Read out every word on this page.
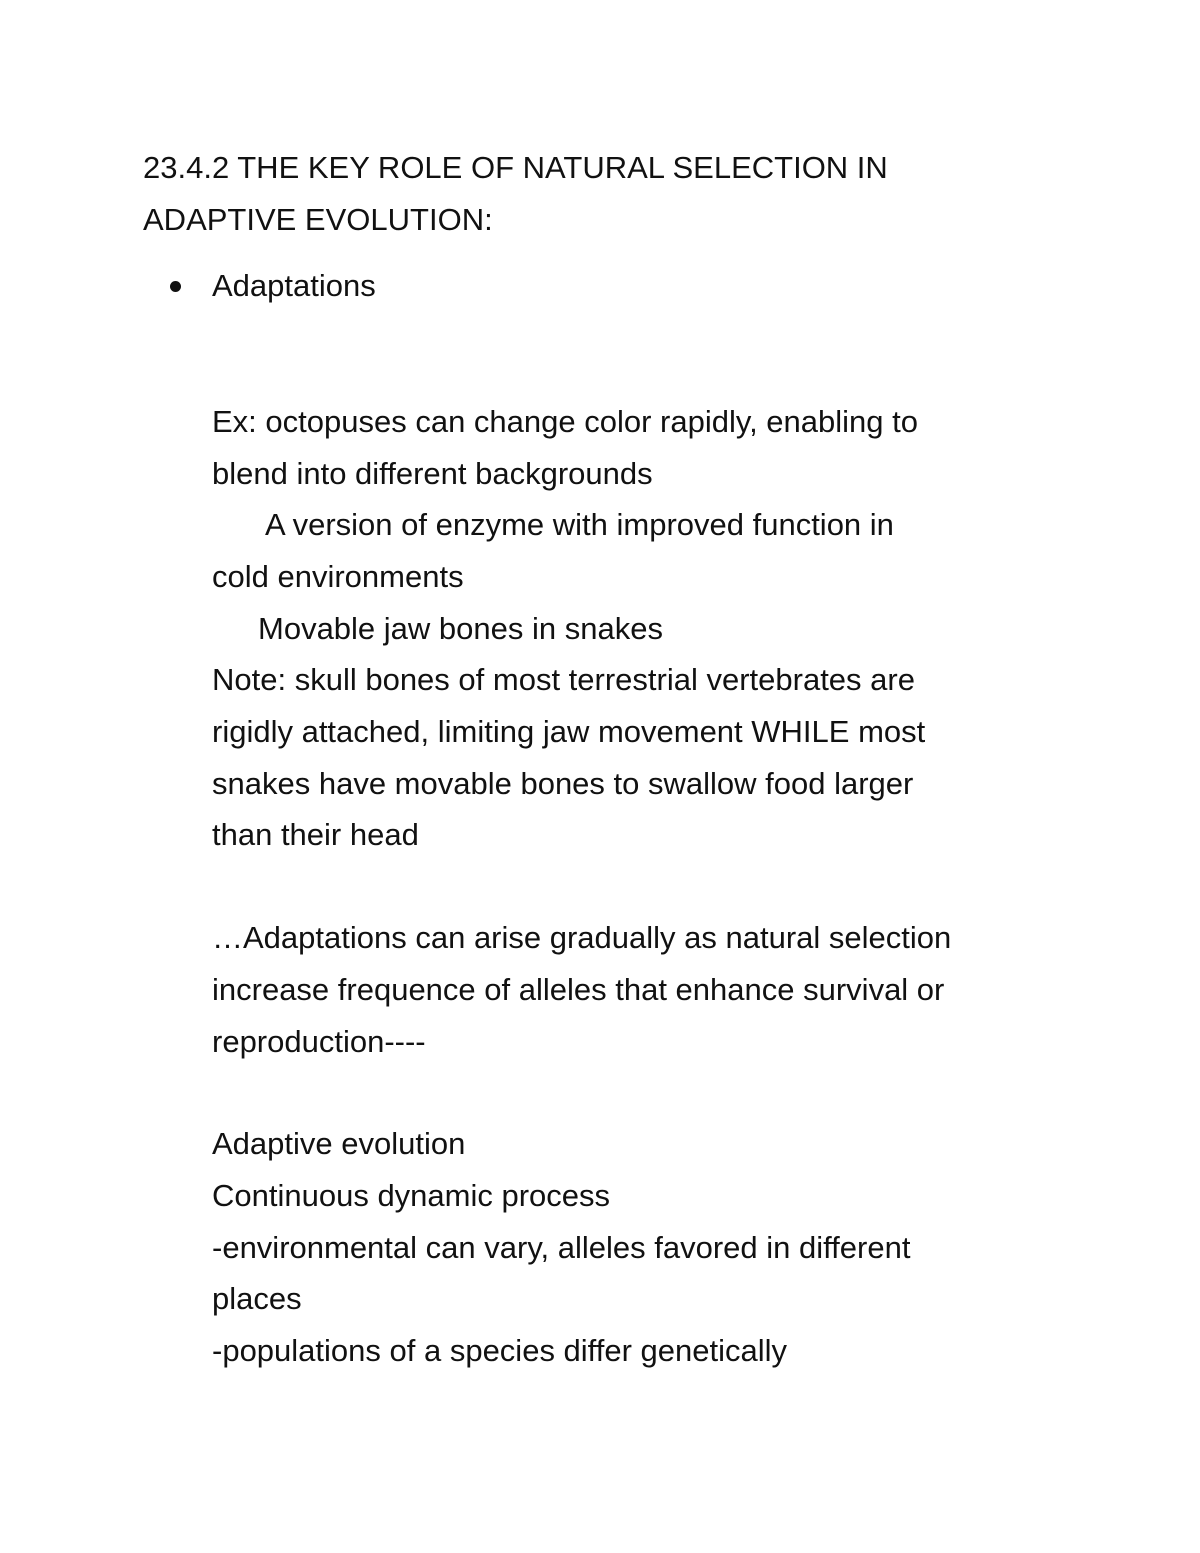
23.4.2 THE KEY ROLE OF NATURAL SELECTION IN
ADAPTIVE EVOLUTION:
Adaptations
Ex: octopuses can change color rapidly, enabling to
blend into different backgrounds
A version of enzyme with improved function in
cold environments
Movable jaw bones in snakes
Note: skull bones of most terrestrial vertebrates are
rigidly attached, limiting jaw movement WHILE most
snakes have movable bones to swallow food larger
than their head
…Adaptations can arise gradually as natural selection
increase frequence of alleles that enhance survival or
reproduction----
Adaptive evolution
Continuous dynamic process
-environmental can vary, alleles favored in different
places
-populations of a species differ genetically
